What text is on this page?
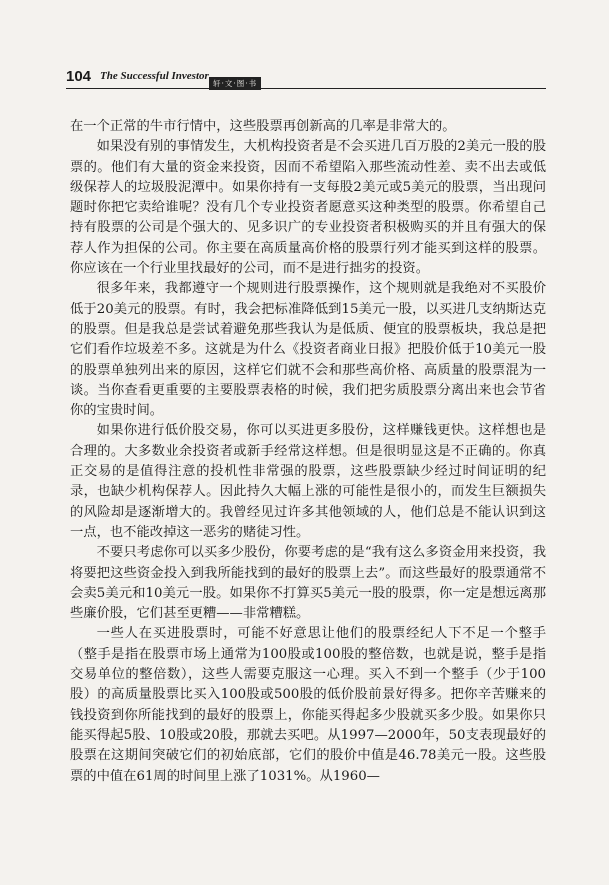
104 The Successful Investor
轩·文·图·书

在一个正常的牛市行情中，这些股票再创新高的几率是非常大的。

如果没有别的事情发生，大机构投资者是不会买进几百万股的2美元一股的股票的。他们有大量的资金来投资，因而不希望陷入那些流动性差、卖不出去或低级保荐人的垃圾股泥潭中。如果你持有一支每股2美元或5美元的股票，当出现问题时你把它卖给谁呢？没有几个专业投资者愿意买这种类型的股票。你希望自己持有股票的公司是个强大的、见多识广的专业投资者积极购买的并且有强大的保荐人作为担保的公司。你主要在高质量高价格的股票行列才能买到这样的股票。你应该在一个行业里找最好的公司，而不是进行拙劣的投资。

很多年来，我都遵守一个规则进行股票操作，这个规则就是我绝对不买股价低于20美元的股票。有时，我会把标准降低到15美元一股，以买进几支纳斯达克的股票。但是我总是尝试着避免那些我认为是低质、便宜的股票板块，我总是把它们看作垃圾差不多。这就是为什么《投资者商业日报》把股价低于10美元一股的股票单独列出来的原因，这样它们就不会和那些高价格、高质量的股票混为一谈。当你查看更重要的主要股票表格的时候，我们把劣质股票分离出来也会节省你的宝贵时间。

如果你进行低价股交易，你可以买进更多股份，这样赚钱更快。这样想也是合理的。大多数业余投资者或新手经常这样想。但是很明显这是不正确的。你真正交易的是值得注意的投机性非常强的股票，这些股票缺少经过时间证明的纪录，也缺少机构保荐人。因此持久大幅上涨的可能性是很小的，而发生巨额损失的风险却是逐渐增大的。我曾经见过许多其他领域的人，他们总是不能认识到这一点，也不能改掉这一恶劣的赌徒习性。

不要只考虑你可以买多少股份，你要考虑的是“我有这么多资金用来投资，我将要把这些资金投入到我所能找到的最好的股票上去”。而这些最好的股票通常不会卖5美元和10美元一股。如果你不打算买5美元一股的股票，你一定是想远离那些廉价股，它们甚至更糟——非常糟糕。

一些人在买进股票时，可能不好意思让他们的股票经纪人下不足一个整手（整手是指在股票市场上通常为100股或100股的整倍数，也就是说，整手是指交易单位的整倍数），这些人需要克服这一心理。买入不到一个整手（少于100股）的高质量股票比买入100股或500股的低价股前景好得多。把你辛苦赚来的钱投资到你所能找到的最好的股票上，你能买得起多少股就买多少股。如果你只能买得起5股、10股或20股，那就去买吧。从1997—2000年，50支表现最好的股票在这期间突破它们的初始底部，它们的股价中值是46.78美元一股。这些股票的中值在61周的时间里上涨了1031%。从1960—
